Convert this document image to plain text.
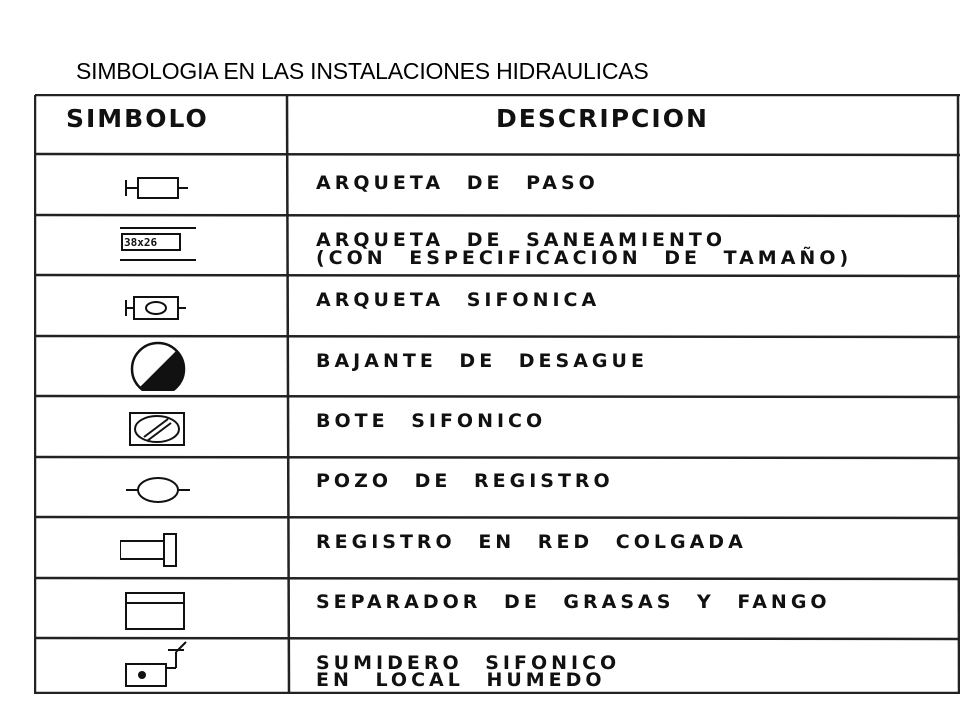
SIMBOLOGIA EN LAS INSTALACIONES HIDRAULICAS
SIMBOLO	DESCRIPCION
ARQUETA DE PASO
38x26	ARQUETA DE SANEAMIENTO
(CON ESPECIFICACION DE TAMAÑO)
ARQUETA SIFONICA
BAJANTE DE DESAGUE
BOTE SIFONICO
POZO DE REGISTRO
REGISTRO EN RED COLGADA
SEPARADOR DE GRASAS Y FANGO
SUMIDERO SIFONICO
EN LOCAL HUMEDO
